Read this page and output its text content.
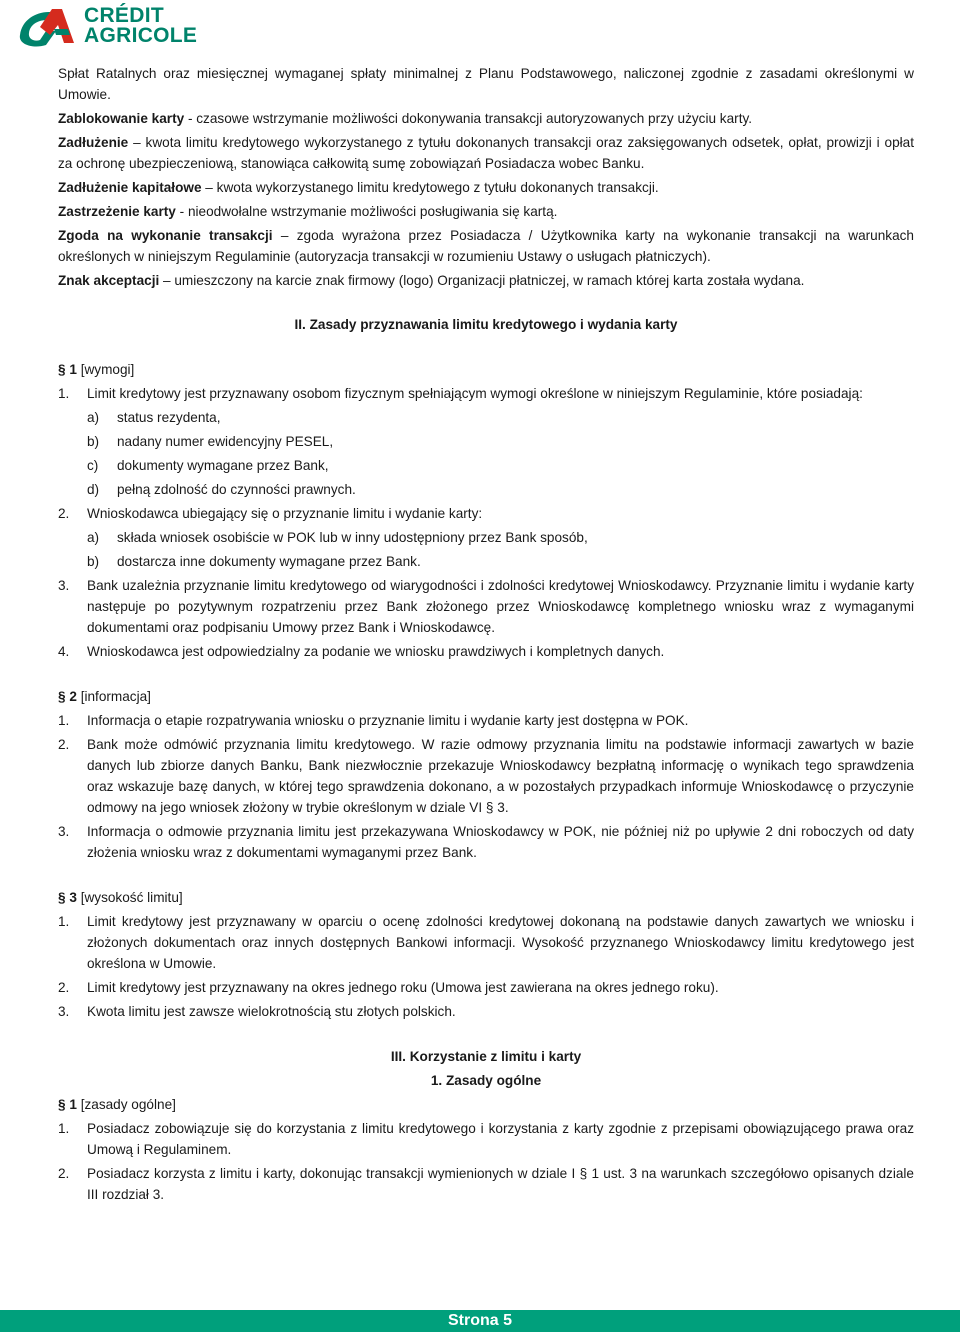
CRÉDIT
AGRICOLE

Spłat Ratalnych oraz miesięcznej wymaganej spłaty minimalnej z Planu Podstawowego, naliczonej zgodnie z zasadami określonymi w Umowie.

Zablokowanie karty - czasowe wstrzymanie możliwości dokonywania transakcji autoryzowanych przy użyciu karty.

Zadłużenie – kwota limitu kredytowego wykorzystanego z tytułu dokonanych transakcji oraz zaksięgowanych odsetek, opłat, prowizji i opłat za ochronę ubezpieczeniową, stanowiąca całkowitą sumę zobowiązań Posiadacza wobec Banku.

Zadłużenie kapitałowe – kwota wykorzystanego limitu kredytowego z tytułu dokonanych transakcji.

Zastrzeżenie karty - nieodwołalne wstrzymanie możliwości posługiwania się kartą.

Zgoda na wykonanie transakcji – zgoda wyrażona przez Posiadacza / Użytkownika karty na wykonanie transakcji na warunkach określonych w niniejszym Regulaminie (autoryzacja transakcji w rozumieniu Ustawy o usługach płatniczych).

Znak akceptacji – umieszczony na karcie znak firmowy (logo) Organizacji płatniczej, w ramach której karta została wydana.

II. Zasady przyznawania limitu kredytowego i wydania karty

§ 1 [wymogi]

1.	Limit kredytowy jest przyznawany osobom fizycznym spełniającym wymogi określone w niniejszym Regulaminie, które posiadają:
a)	status rezydenta,
b)	nadany numer ewidencyjny PESEL,
c)	dokumenty wymagane przez Bank,
d)	pełną zdolność do czynności prawnych.
2.	Wnioskodawca ubiegający się o przyznanie limitu i wydanie karty:
a)	składa wniosek osobiście w POK lub w inny udostępniony przez Bank sposób,
b)	dostarcza inne dokumenty wymagane przez Bank.
3.	Bank uzależnia przyznanie limitu kredytowego od wiarygodności i zdolności kredytowej Wnioskodawcy. Przyznanie limitu i wydanie karty następuje po pozytywnym rozpatrzeniu przez Bank złożonego przez Wnioskodawcę kompletnego wniosku wraz z wymaganymi dokumentami oraz podpisaniu Umowy przez Bank i Wnioskodawcę.
4.	Wnioskodawca jest odpowiedzialny za podanie we wniosku prawdziwych i kompletnych danych.

§ 2 [informacja]

1.	Informacja o etapie rozpatrywania wniosku o przyznanie limitu i wydanie karty jest dostępna w POK.
2.	Bank może odmówić przyznania limitu kredytowego. W razie odmowy przyznania limitu na podstawie informacji zawartych w bazie danych lub zbiorze danych Banku, Bank niezwłocznie przekazuje Wnioskodawcy bezpłatną informację o wynikach tego sprawdzenia oraz wskazuje bazę danych, w której tego sprawdzenia dokonano, a w pozostałych przypadkach informuje Wnioskodawcę o przyczynie odmowy na jego wniosek złożony w trybie określonym w dziale VI § 3.
3.	Informacja o odmowie przyznania limitu jest przekazywana Wnioskodawcy w POK, nie później niż po upływie 2 dni roboczych od daty złożenia wniosku wraz z dokumentami wymaganymi przez Bank.

§ 3 [wysokość limitu]

1.	Limit kredytowy jest przyznawany w oparciu o ocenę zdolności kredytowej dokonaną na podstawie danych zawartych we wniosku i złożonych dokumentach oraz innych dostępnych Bankowi informacji. Wysokość przyznanego Wnioskodawcy limitu kredytowego jest określona w Umowie.
2.	Limit kredytowy jest przyznawany na okres jednego roku (Umowa jest zawierana na okres jednego roku).
3.	Kwota limitu jest zawsze wielokrotnością stu złotych polskich.

III. Korzystanie z limitu i karty

1. Zasady ogólne

§ 1 [zasady ogólne]

1.	Posiadacz zobowiązuje się do korzystania z limitu kredytowego i korzystania z karty zgodnie z przepisami obowiązującego prawa oraz Umową i Regulaminem.
2.	Posiadacz korzysta z limitu i karty, dokonując transakcji wymienionych w dziale I § 1 ust. 3 na warunkach szczegółowo opisanych dziale III rozdział 3.
Strona 5
